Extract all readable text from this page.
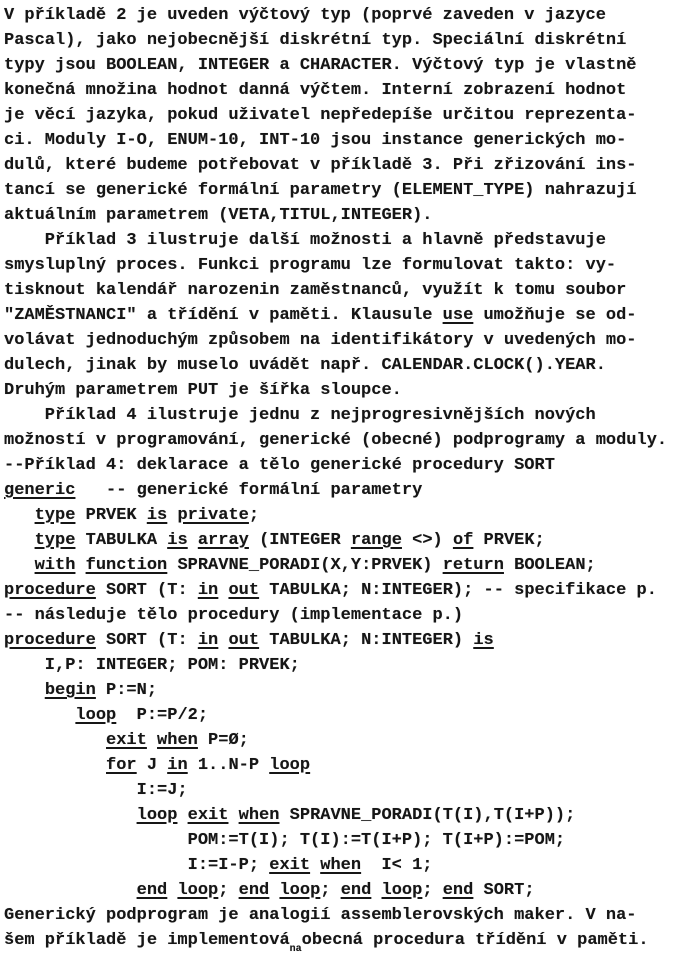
V příkladě 2 je uveden výčtový typ (poprvé zaveden v jazyce
Pascal), jako nejobecnější diskrétní typ. Speciální diskrétní
typy jsou BOOLEAN, INTEGER a CHARACTER. Výčtový typ je vlastně
konečná množina hodnot danná výčtem. Interní zobrazení hodnot
je věcí jazyka, pokud uživatel nepředepíše určitou reprezenta-
ci. Moduly I-O, ENUM-10, INT-10 jsou instance generických mo-
dulů, které budeme potřebovat v příkladě 3. Při zřizování ins-
tancí se generické formální parametry (ELEMENT_TYPE) nahrazují
aktuálním parametrem (VETA,TITUL,INTEGER).
Příklad 3 ilustruje další možnosti a hlavně představuje
smysluplný proces. Funkci programu lze formulovat takto: vy-
tisknout kalendář narozenin zaměstnanců, využít k tomu soubor
"ZAMĚSTNANCI" a třídění v paměti. Klausule use umožňuje se od-
volávat jednoduchým způsobem na identifikátory v uvedených mo-
dulech, jinak by muselo uvádět např. CALENDAR.CLOCK().YEAR.
Druhým parametrem PUT je šířka sloupce.
Příklad 4 ilustruje jednu z nejprogresivnějších nových
možností v programování, generické (obecné) podprogramy a moduly.
--Příklad 4: deklarace a tělo generické procedury SORT
generic   -- generické formální parametry
type PRVEK is private;
type TABULKA is array (INTEGER range <>) of PRVEK;
with function SPRAVNE_PORADI(X,Y:PRVEK) return BOOLEAN;
procedure SORT (T: in out TABULKA; N:INTEGER); -- specifikace p.
-- následuje tělo procedury (implementace p.)
procedure SORT (T: in out TABULKA; N:INTEGER) is
I,P: INTEGER; POM: PRVEK;
begin P:=N;
loop  P:=P/2;
exit when P=Ø;
for J in 1..N-P loop
I:=J;
loop exit when SPRAVNE_PORADI(T(I),T(I+P));
POM:=T(I); T(I):=T(I+P); T(I+P):=POM;
I:=I-P; exit when  I< 1;
end loop; end loop; end loop; end SORT;
Generický podprogram je analogií assemblerovských maker. V na-
šem příkladě je implementová$_{na}$obecná procedura třídění v paměti.
